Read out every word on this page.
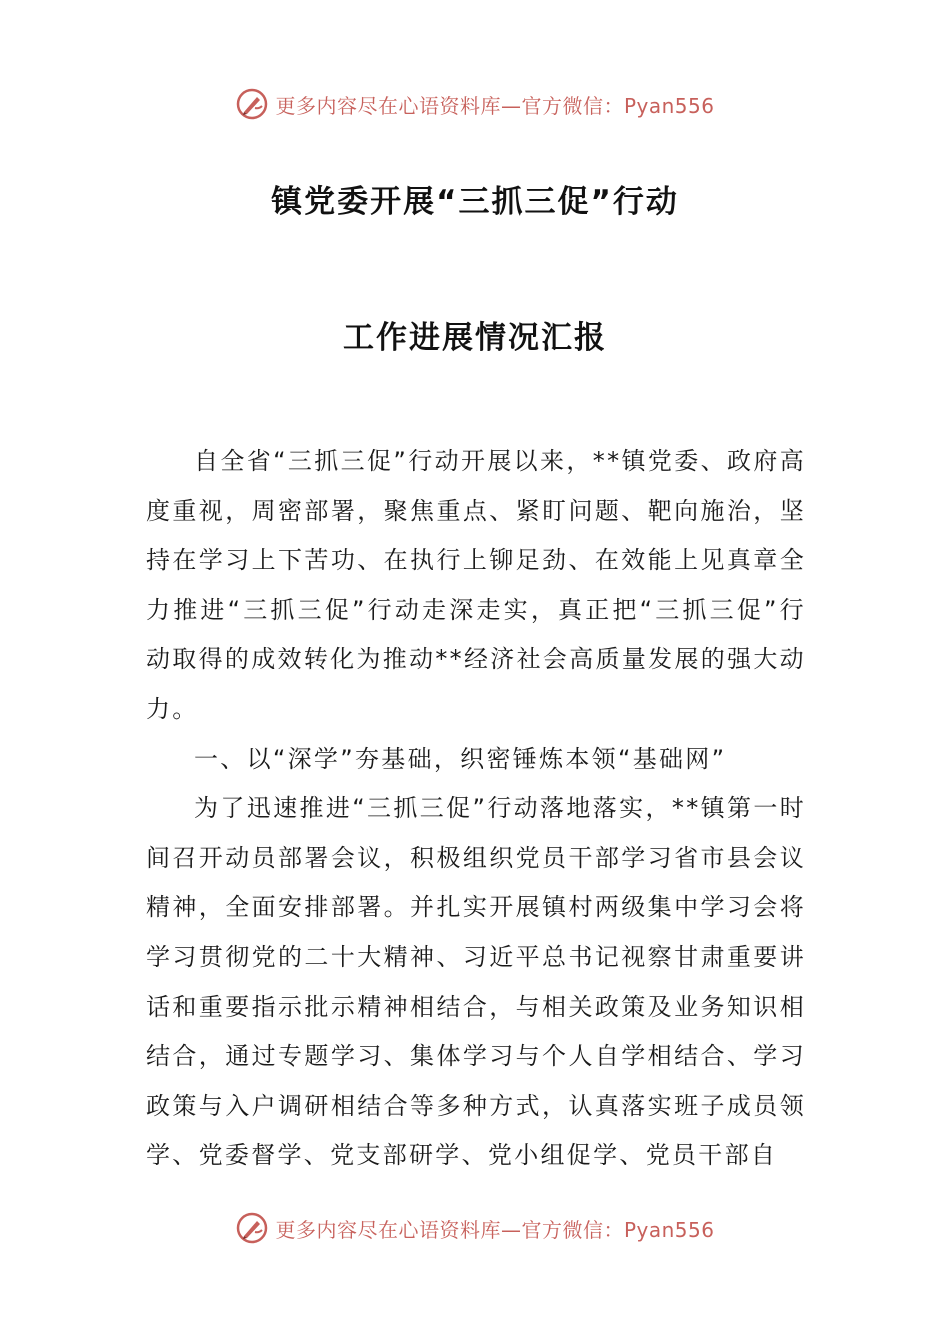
更多内容尽在心语资料库—官方微信：Pyan556
镇党委开展“三抓三促”行动
工作进展情况汇报

自全省“三抓三促”行动开展以来，**镇党委、政府高度重视，周密部署，聚焦重点、紧盯问题、靶向施治，坚持在学习上下苦功、在执行上铆足劲、在效能上见真章全力推进“三抓三促”行动走深走实，真正把“三抓三促”行动取得的成效转化为推动**经济社会高质量发展的强大动力。

一、以“深学”夯基础，织密锤炼本领“基础网”

为了迅速推进“三抓三促”行动落地落实，**镇第一时间召开动员部署会议，积极组织党员干部学习省市县会议精神，全面安排部署。并扎实开展镇村两级集中学习会将学习贯彻党的二十大精神、习近平总书记视察甘肃重要讲话和重要指示批示精神相结合，与相关政策及业务知识相结合，通过专题学习、集体学习与个人自学相结合、学习政策与入户调研相结合等多种方式，认真落实班子成员领学、党委督学、党支部研学、党小组促学、党员干部自

更多内容尽在心语资料库—官方微信：Pyan556
